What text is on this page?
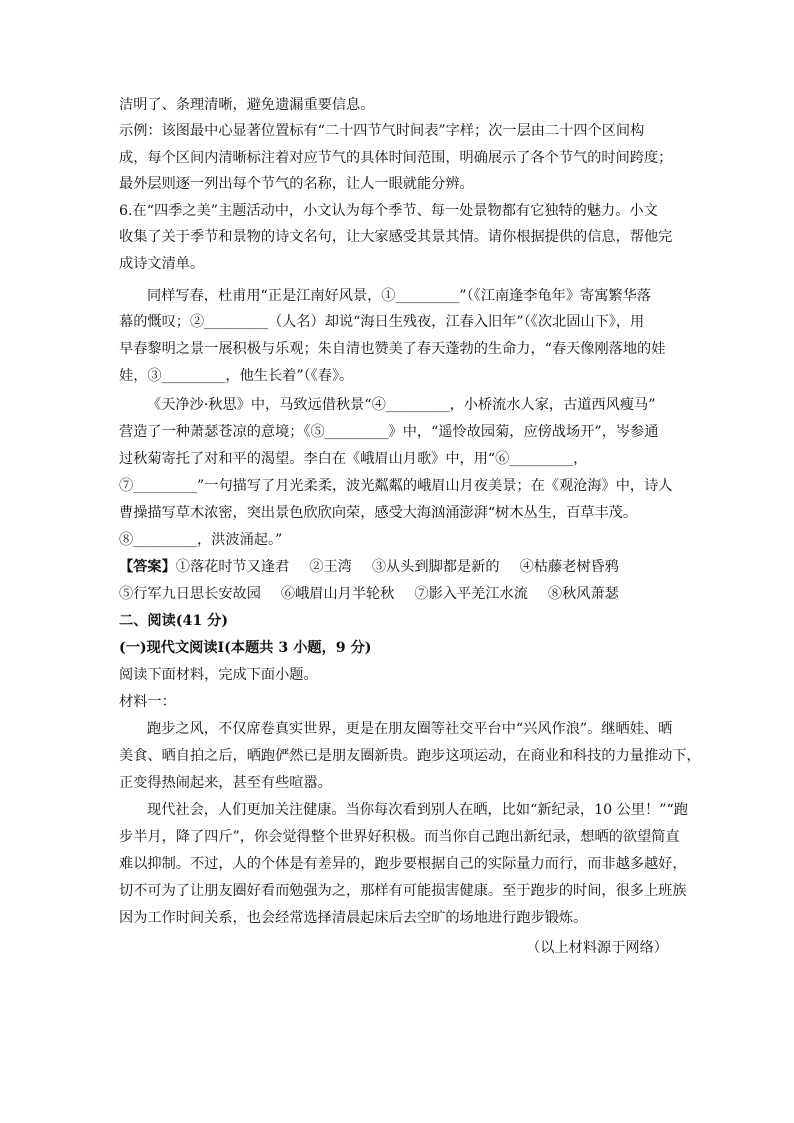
洁明了、条理清晰，避免遗漏重要信息。
示例：该图最中心显著位置标有“二十四节气时间表”字样；次一层由二十四个区间构
成，每个区间内清晰标注着对应节气的具体时间范围，明确展示了各个节气的时间跨度；
最外层则逐一列出每个节气的名称，让人一眼就能分辨。
6.在“四季之美”主题活动中，小文认为每个季节、每一处景物都有它独特的魅力。小文
收集了关于季节和景物的诗文名句，让大家感受其景其情。请你根据提供的信息，帮他完
成诗文清单。
同样写春，杜甫用“正是江南好风景，①_________”（《江南逢李龟年》寄寓繁华落
幕的慨叹；②_________（人名）却说“海日生残夜，江春入旧年”（《次北固山下》，用
早春黎明之景一展积极与乐观；朱自清也赞美了春天蓬勃的生命力，“春天像刚落地的娃
娃，③_________，他生长着”（《春》。
《天净沙·秋思》中，马致远借秋景“④_________，小桥流水人家，古道西风瘦马”
营造了一种萧瑟苍凉的意境；《⑤_________》中，“遥怜故园菊，应傍战场开”，岑参通
过秋菊寄托了对和平的渴望。李白在《峨眉山月歌》中，用“⑥_________，
⑦_________”一句描写了月光柔柔，波光粼粼的峨眉山月夜美景；在《观沧海》中，诗人
曹操描写草木浓密，突出景色欣欣向荣，感受大海汹涌澎湃“树木丛生，百草丰茂。
⑧_________，洪波涌起。”
【答案】①落花时节又逢君 ②王湾 ③从头到脚都是新的 ④枯藤老树昏鸦
⑤行军九日思长安故园 ⑥峨眉山月半轮秋 ⑦影入平羌江水流 ⑧秋风萧瑟
二、阅读(41 分)
(一)现代文阅读Ⅰ(本题共 3 小题，9 分)
阅读下面材料，完成下面小题。
材料一：
跑步之风，不仅席卷真实世界，更是在朋友圈等社交平台中“兴风作浪”。继晒娃、晒
美食、晒自拍之后，晒跑俨然已是朋友圈新贵。跑步这项运动，在商业和科技的力量推动下，
正变得热闹起来，甚至有些喧嚣。
现代社会，人们更加关注健康。当你每次看到别人在晒，比如“新纪录，10 公里！”“跑
步半月，降了四斤”，你会觉得整个世界好积极。而当你自己跑出新纪录，想晒的欲望简直
难以抑制。不过，人的个体是有差异的，跑步要根据自己的实际量力而行，而非越多越好，
切不可为了让朋友圈好看而勉强为之，那样有可能损害健康。至于跑步的时间，很多上班族
因为工作时间关系，也会经常选择清晨起床后去空旷的场地进行跑步锻炼。
（以上材料源于网络）
